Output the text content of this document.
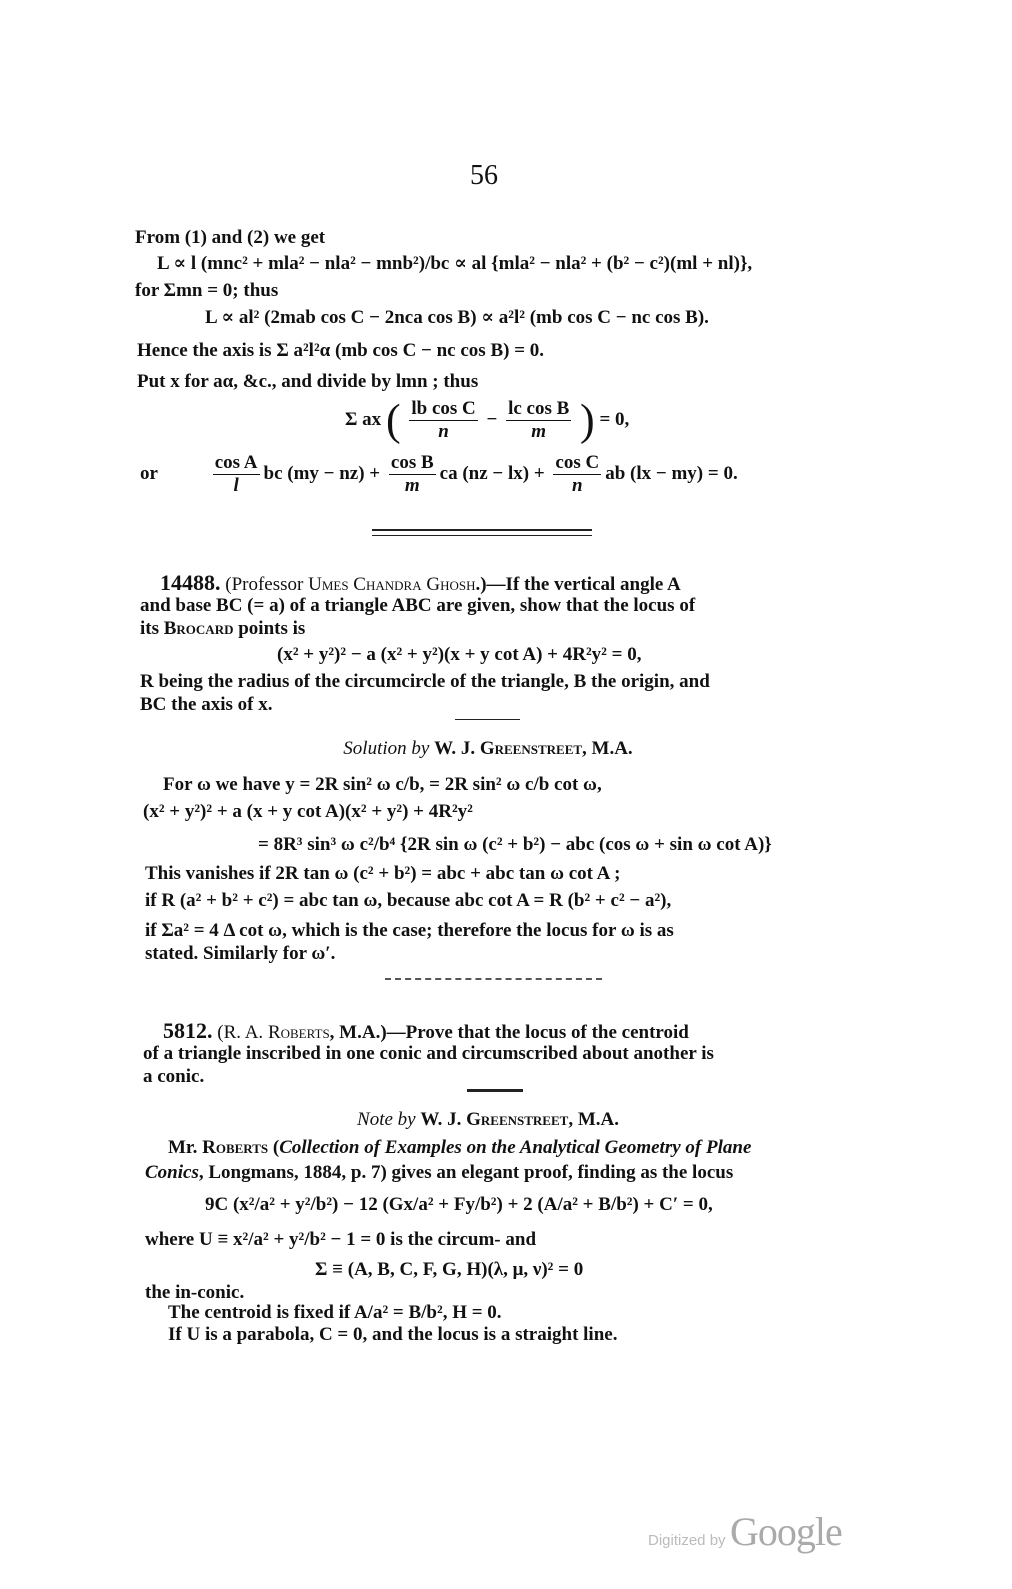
56
From (1) and (2) we get
L ∝ l (mnc² + mla² − nla² − mnb²)/bc ∝ al {mla² − nla² + (b² − c²)(ml + nl)},
for Σmn = 0; thus
L ∝ al² (2mab cos C − 2nca cos B) ∝ a²l² (mb cos C − nc cos B).
Hence the axis is Σ a²l²α (mb cos C − nc cos B) = 0.
Put x for aα, &c., and divide by lmn ; thus
Σ ax ( $\frac{\text{lb cos C}}{n} - \frac{\text{lc cos B}}{m}$ ) = 0,
or	$\frac{\text{cos A}}{l}$ bc $(my - nz) + \frac{\text{cos B}}{m}$ ca $(nz - lx) + \frac{\text{cos C}}{n}$ ab (lx − my) = 0.
14488. (Professor Umes Chandra Ghosh.)—If the vertical angle A
and base BC (= a) of a triangle ABC are given, show that the locus of
its Brocard points is
(x² + y²)² − a (x² + y²)(x + y cot A) + 4R²y² = 0,
R being the radius of the circumcircle of the triangle, B the origin, and
BC the axis of x.
Solution by W. J. Greenstreet, M.A.
For ω we have y = 2R sin² ω c/b, = 2R sin² ω c/b cot ω,
(x² + y²)² + a (x + y cot A)(x² + y²) + 4R²y²
= 8R³ sin³ ω c²/b⁴ {2R sin ω (c² + b²) − abc (cos ω + sin ω cot A)}
This vanishes if 2R tan ω (c² + b²) = abc + abc tan ω cot A ;
if R (a² + b² + c²) = abc tan ω, because abc cot A = R (b² + c² − a²),
if Σa² = 4 Δ cot ω, which is the case; therefore the locus for ω is as
stated. Similarly for ω′.
5812. (R. A. Roberts, M.A.)—Prove that the locus of the centroid
of a triangle inscribed in one conic and circumscribed about another is
a conic.
Note by W. J. Greenstreet, M.A.
Mr. Roberts (Collection of Examples on the Analytical Geometry of Plane
Conics, Longmans, 1884, p. 7) gives an elegant proof, finding as the locus
9C (x²/a² + y²/b²) − 12 (Gx/a² + Fy/b²) + 2 (A/a² + B/b²) + C′ = 0,
where U ≡ x²/a² + y²/b² − 1 = 0 is the circum- and
Σ ≡ (A, B, C, F, G, H)(λ, μ, ν)² = 0
the in-conic.
The centroid is fixed if A/a² = B/b², H = 0.
If U is a parabola, C = 0, and the locus is a straight line.
Digitized by Google
